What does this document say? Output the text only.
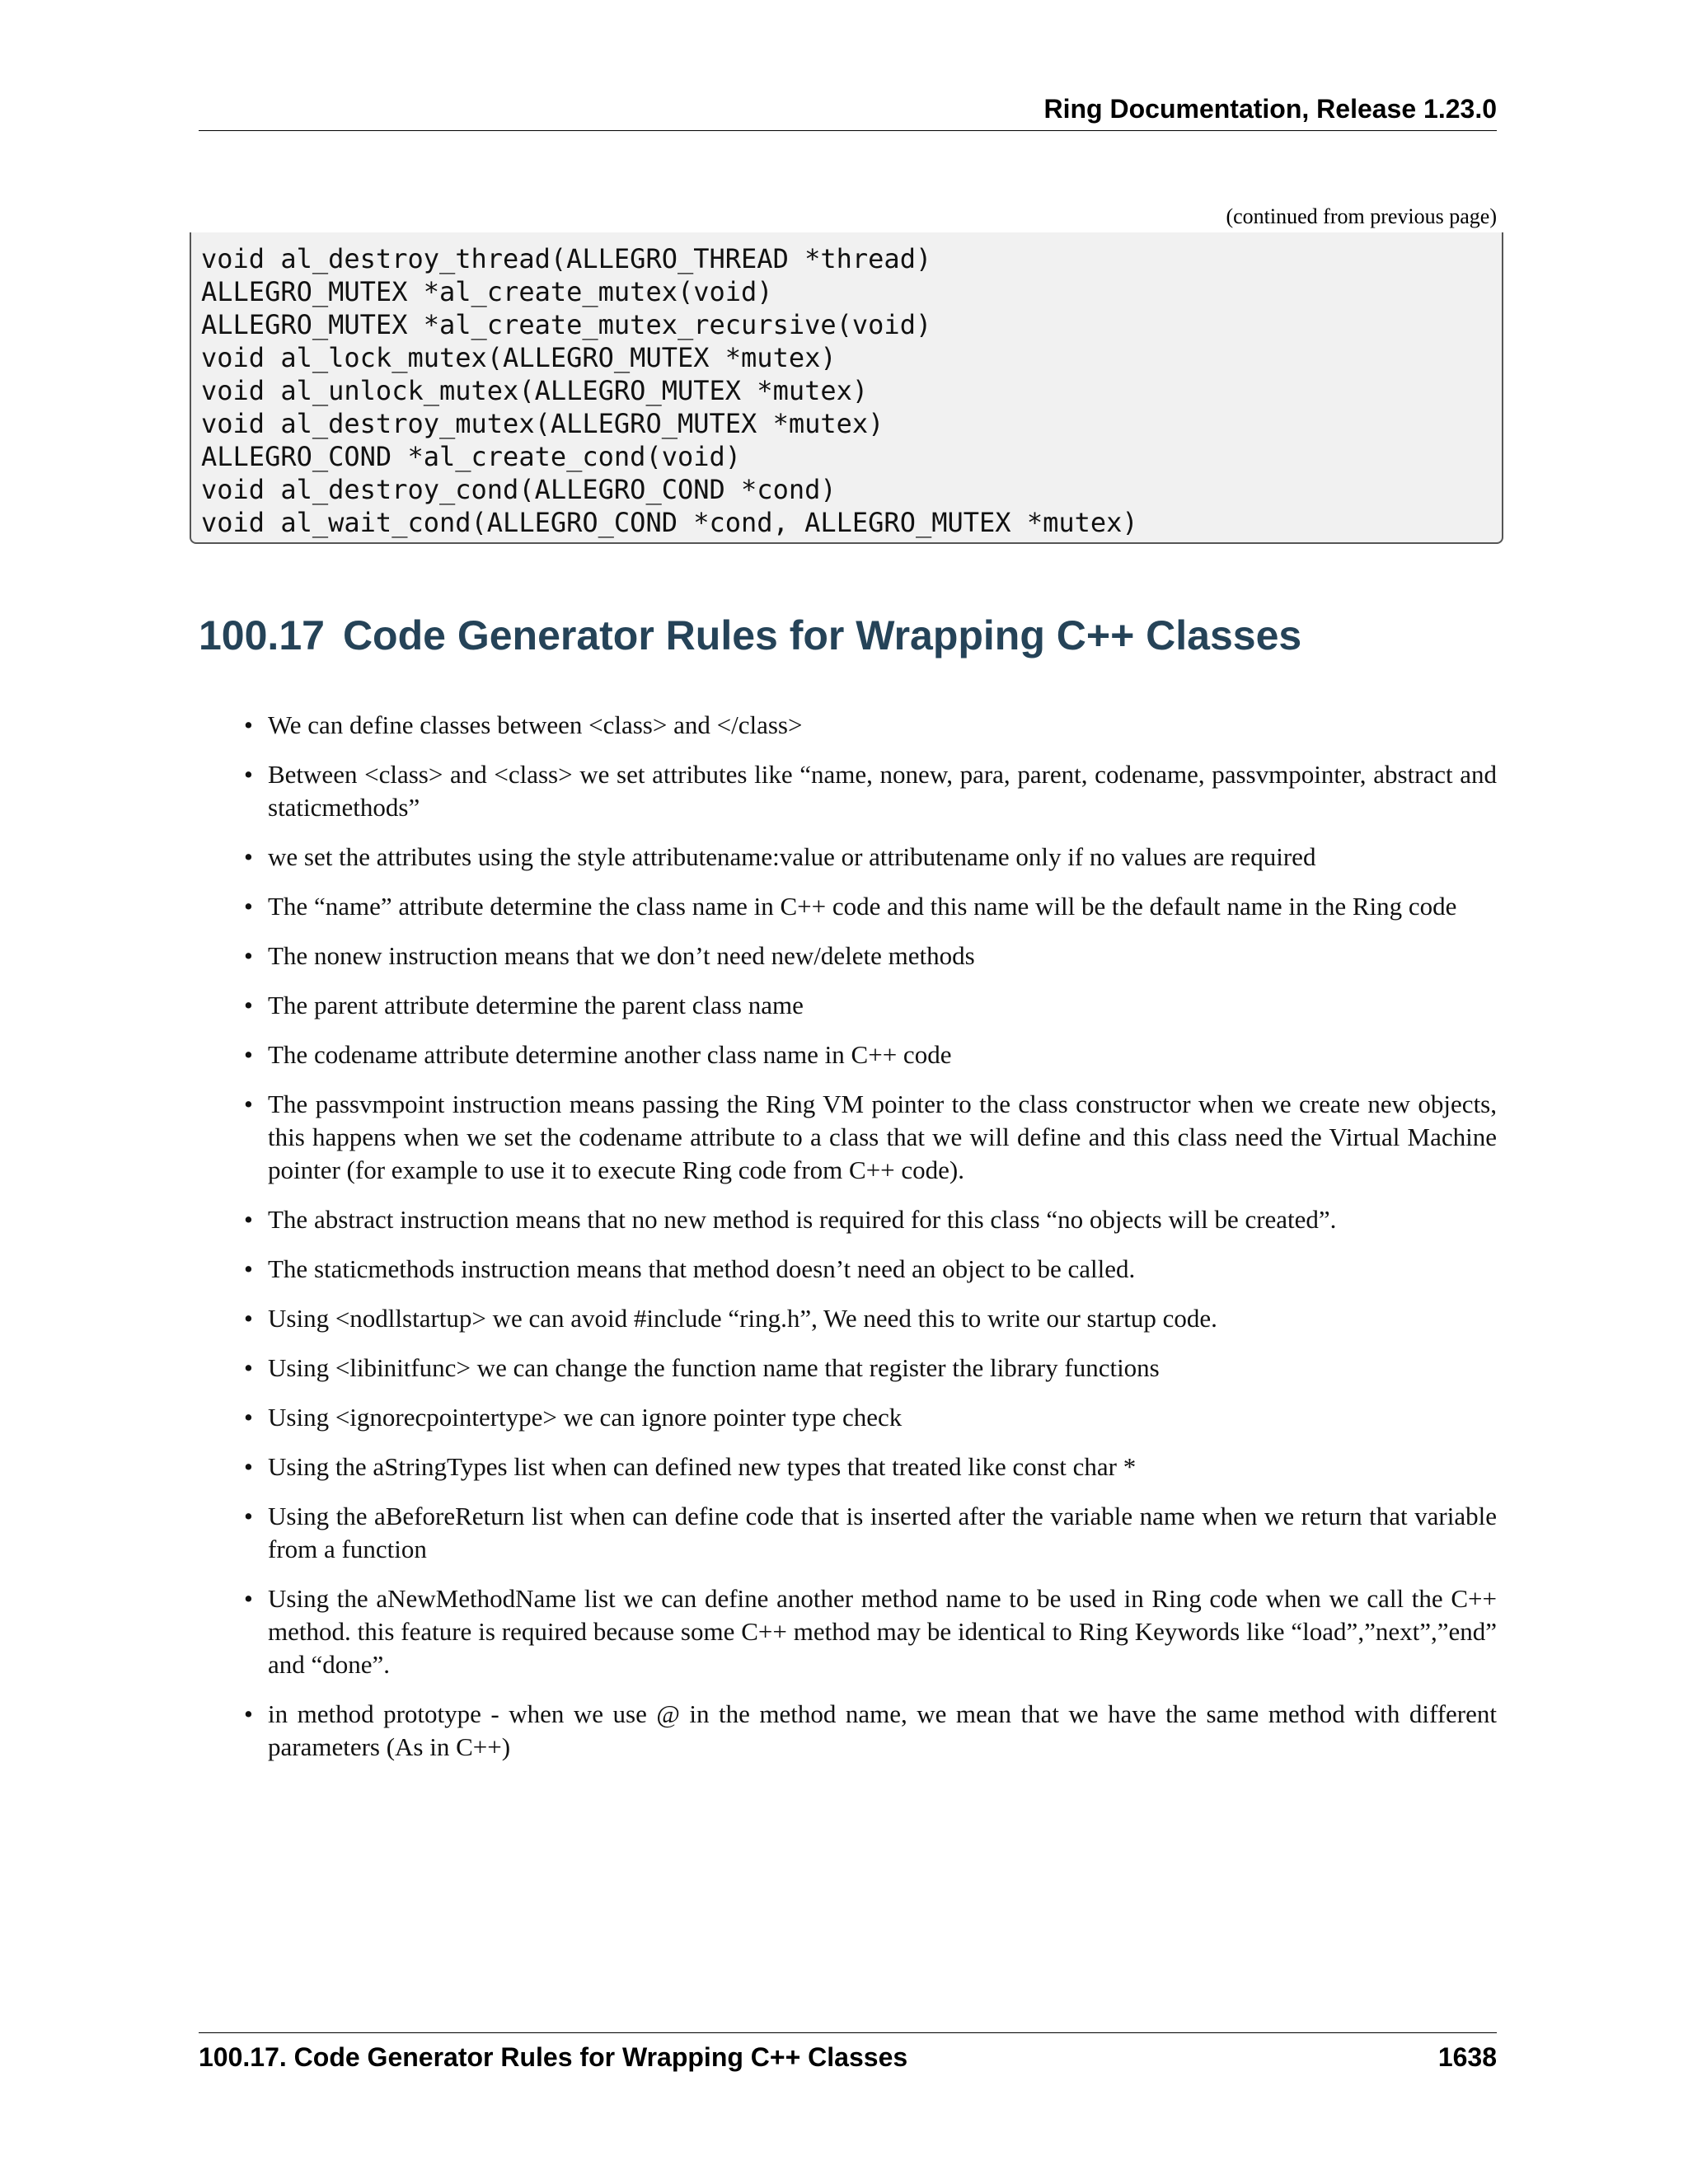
Ring Documentation, Release 1.23.0
(continued from previous page)
void al_destroy_thread(ALLEGRO_THREAD *thread)
ALLEGRO_MUTEX *al_create_mutex(void)
ALLEGRO_MUTEX *al_create_mutex_recursive(void)
void al_lock_mutex(ALLEGRO_MUTEX *mutex)
void al_unlock_mutex(ALLEGRO_MUTEX *mutex)
void al_destroy_mutex(ALLEGRO_MUTEX *mutex)
ALLEGRO_COND *al_create_cond(void)
void al_destroy_cond(ALLEGRO_COND *cond)
void al_wait_cond(ALLEGRO_COND *cond, ALLEGRO_MUTEX *mutex)
100.17 Code Generator Rules for Wrapping C++ Classes
• We can define classes between <class> and </class>
• Between <class> and <class> we set attributes like “name, nonew, para, parent, codename, passvmpointer, abstract and staticmethods”
• we set the attributes using the style attributename:value or attributename only if no values are required
• The “name” attribute determine the class name in C++ code and this name will be the default name in the Ring code
• The nonew instruction means that we don’t need new/delete methods
• The parent attribute determine the parent class name
• The codename attribute determine another class name in C++ code
• The passvmpoint instruction means passing the Ring VM pointer to the class constructor when we create new objects, this happens when we set the codename attribute to a class that we will define and this class need the Virtual Machine pointer (for example to use it to execute Ring code from C++ code).
• The abstract instruction means that no new method is required for this class “no objects will be created”.
• The staticmethods instruction means that method doesn’t need an object to be called.
• Using <nodllstartup> we can avoid #include “ring.h”, We need this to write our startup code.
• Using <libinitfunc> we can change the function name that register the library functions
• Using <ignorecpointertype> we can ignore pointer type check
• Using the aStringTypes list when can defined new types that treated like const char *
• Using the aBeforeReturn list when can define code that is inserted after the variable name when we return that variable from a function
• Using the aNewMethodName list we can define another method name to be used in Ring code when we call the C++ method. this feature is required because some C++ method may be identical to Ring Keywords like “load”,”next”,”end” and “done”.
• in method prototype - when we use @ in the method name, we mean that we have the same method with different parameters (As in C++)
100.17. Code Generator Rules for Wrapping C++ Classes	1638
